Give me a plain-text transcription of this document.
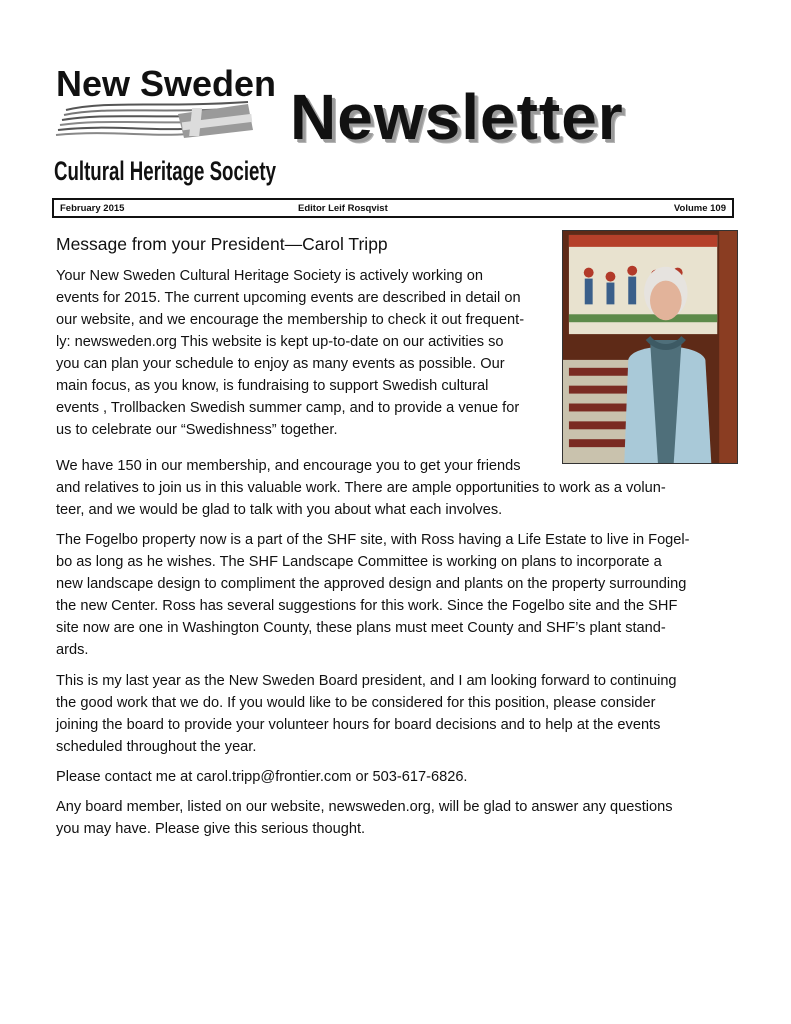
New Sweden
Cultural Heritage Society
Newsletter
February 2015	Editor Leif Rosqvist	Volume 109
Message from your President—Carol Tripp
Your New Sweden Cultural Heritage Society is actively working on
events for 2015. The current upcoming events are described in detail on
our website, and we encourage the membership to check it out frequent-
ly: newsweden.org This website is kept up-to-date on our activities so
you can plan your schedule to enjoy as many events as possible. Our
main focus, as you know, is fundraising to support Swedish cultural
events , Trollbacken Swedish summer camp, and to provide a venue for
us to celebrate our “Swedishness” together.
We have 150 in our membership, and encourage you to get your friends
and relatives to join us in this valuable work. There are ample opportunities to work as a volun-
teer, and we would be glad to talk with you about what each involves.
The Fogelbo property now is a part of the SHF site, with Ross having a Life Estate to live in Fogel-
bo as long as he wishes. The SHF Landscape Committee is working on plans to incorporate a
new landscape design to compliment the approved design and plants on the property surrounding
the new Center. Ross has several suggestions for this work. Since the Fogelbo site and the SHF
site now are one in Washington County, these plans must meet County and SHF’s plant stand-
ards.
This is my last year as the New Sweden Board president, and I am looking forward to continuing
the good work that we do. If you would like to be considered for this position, please consider
joining the board to provide your volunteer hours for board decisions and to help at the events
scheduled throughout the year.
Please contact me at carol.tripp@frontier.com or 503-617-6826.
Any board member, listed on our website, newsweden.org, will be glad to answer any questions
you may have. Please give this serious thought.
